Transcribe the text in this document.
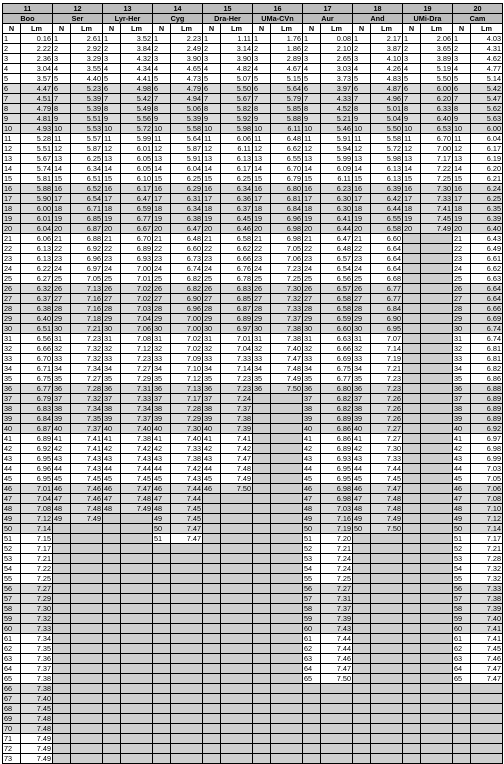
11		12		13		14		15		16		17		18		19		20	
Boo		Ser		Lyr-Her		Cyg		Dra-Her		UMa-CVn		Aur		And		UMi-Dra		Cam	
N	Lm	N	Lm	N	Lm	N	Lm	N	Lm	N	Lm	N	Lm	N	Lm	N	Lm	N	Lm
1	0.16	1	2.61	1	3.52	1	2.23	1	1.11	1	1.76	1	0.08	1	2.17	1	2.06	1	4.03
2	2.22	2	2.92	2	3.84	2	2.49	2	3.14	2	1.86	2	2.10	2	3.87	2	3.65	2	4.31
3	2.36	3	3.29	3	4.32	3	3.90	3	3.90	3	2.89	3	2.65	3	4.10	3	3.89	3	4.62
4	3.04	4	3.55	4	4.34	4	4.65	4	4.82	4	4.67	4	3.03	4	4.26	4	5.19	4	4.77
5	3.57	5	4.40	5	4.41	5	4.73	5	5.07	5	5.15	5	3.73	5	4.83	5	5.50	5	5.14
6	4.47	6	5.23	6	4.98	6	4.79	6	5.50	6	5.64	6	3.97	6	4.87	6	6.00	6	5.42
7	4.51	7	5.39	7	5.42	7	4.94	7	5.67	7	5.79	7	4.33	7	4.96	7	6.20	7	5.47
8	4.79	8	5.39	8	5.49	8	5.06	8	5.82	8	5.85	8	4.52	8	5.01	8	6.33	8	5.62
9	4.81	9	5.51	9	5.56	9	5.39	9	5.92	9	5.88	9	5.21	9	5.04	9	6.40	9	5.63
10	4.93	10	5.53	10	5.72	10	5.58	10	5.98	10	6.11	10	5.46	10	5.50	10	6.53	10	6.00
11	5.28	11	5.57	11	5.99	11	5.64	11	6.06	11	6.48	11	5.91	11	5.58	11	6.70	11	6.04
12	5.51	12	5.87	12	6.01	12	5.87	12	6.11	12	6.62	12	5.94	12	5.72	12	7.00	12	6.17
13	5.67	13	6.25	13	6.05	13	5.91	13	6.13	13	6.55	13	5.99	13	5.98	13	7.17	13	6.19
14	5.74	14	6.34	14	6.05	14	6.04	14	6.17	14	6.70	14	6.09	14	6.13	14	7.22	14	6.20
15	5.81	15	6.51	15	6.10	15	6.25	15	6.25	15	6.79	15	6.11	15	6.13	15	7.25	15	6.21
16	5.88	16	6.52	16	6.17	16	6.29	16	6.34	16	6.80	16	6.23	16	6.39	16	7.30	16	6.24
17	5.90	17	6.54	17	6.47	17	6.31	17	6.36	17	6.81	17	6.30	17	6.42	17	7.33	17	6.25
18	6.00	18	6.71	18	6.59	18	6.34	18	6.37	18	6.84	18	6.30	18	6.44	18	7.41	18	6.35
19	6.01	19	6.85	19	6.77	19	6.38	19	6.45	19	6.96	19	6.41	19	6.55	19	7.45	19	6.39
20	6.04	20	6.87	20	6.67	20	6.47	20	6.46	20	6.98	20	6.44	20	6.58	20	7.49	20	6.40
21	6.06	21	6.88	21	6.70	21	6.48	21	6.58	21	6.98	21	6.47	21	6.60			21	6.43
22	6.13	22	6.92	22	6.89	22	6.60	22	6.62	22	7.05	22	6.48	22	6.64			22	6.49
23	6.13	23	6.96	23	6.93	23	6.73	23	6.66	23	7.06	23	6.57	23	6.64			23	6.61
24	6.22	24	6.97	24	7.00	24	6.74	24	6.76	24	7.23	24	6.54	24	6.64			24	6.62
25	6.27	25	7.05	25	7.01	25	6.82	25	6.78	25	7.25	25	6.56	25	6.68			25	6.63
26	6.32	26	7.13	26	7.02	26	6.82	26	6.83	26	7.30	26	6.57	26	6.77			26	6.64
27	6.37	27	7.16	27	7.02	27	6.90	27	6.85	27	7.32	27	6.58	27	6.77			27	6.64
28	6.38	28	7.16	28	7.03	28	6.96	28	6.87	28	7.33	28	6.58	28	6.84			28	6.66
29	6.40	29	7.18	29	7.04	29	7.00	29	6.89	29	7.37	29	6.59	29	6.90			29	6.69
30	6.51	30	7.21	30	7.06	30	7.00	30	6.97	30	7.38	30	6.60	30	6.95			30	6.74
31	6.56	31	7.23	31	7.08	31	7.02	31	7.01	31	7.38	31	6.63	31	7.07			31	6.74
32	6.66	32	7.32	32	7.12	32	7.02	32	7.04	32	7.40	32	6.66	32	7.14			32	6.81
33	6.70	33	7.32	33	7.23	33	7.09	33	7.33	33	7.47	33	6.69	33	7.19			33	6.81
34	6.71	34	7.34	34	7.27	34	7.10	34	7.14	34	7.48	34	6.75	34	7.21			34	6.82
35	6.75	35	7.27	35	7.29	35	7.12	35	7.23	35	7.49	35	6.77	35	7.23			35	6.86
36	6.77	36	7.28	36	7.31	36	7.13	36	7.23	36	7.50	36	6.80	36	7.23			36	6.88
37	6.79	37	7.32	37	7.33	37	7.17	37	7.24			37	6.82	37	7.26			37	6.89
38	6.83	38	7.34	38	7.34	38	7.28	38	7.37			38	6.82	38	7.26			38	6.89
39	6.84	39	7.35	39	7.37	39	7.29	39	7.38			39	6.89	39	7.26			39	6.89
40	6.87	40	7.37	40	7.40	40	7.30	40	7.39			40	6.86	40	7.27			40	6.92
41	6.89	41	7.41	41	7.38	41	7.40	41	7.41			41	6.86	41	7.27			41	6.97
42	6.92	42	7.41	42	7.42	42	7.33	42	7.42			42	6.89	42	7.30			42	6.98
43	6.95	43	7.43	43	7.43	43	7.38	43	7.47			43	6.93	43	7.33			43	6.99
44	6.96	44	7.43	44	7.44	44	7.42	44	7.48			44	6.95	44	7.44			44	7.03
45	6.95	45	7.45	45	7.45	45	7.43	45	7.49			45	6.95	45	7.45			45	7.05
46	7.01	46	7.46	46	7.47	46	7.44	46	7.50			46	6.98	46	7.47			46	7.06
47	7.04	47	7.46	47	7.48	47	7.44					47	6.98	47	7.48			47	7.08
48	7.08	48	7.48	48	7.49	48	7.45					48	7.03	48	7.48			48	7.10
49	7.12	49	7.49			49	7.45					49	7.16	49	7.49			49	7.12
50	7.14					50	7.47					50	7.19	50	7.50			50	7.14
51	7.15					51	7.47					51	7.20					51	7.17
52	7.17											52	7.21					52	7.21
53	7.21											53	7.24					53	7.28
54	7.22											54	7.24					54	7.32
55	7.25											55	7.25					55	7.32
56	7.27											56	7.27					56	7.33
57	7.29											57	7.31					57	7.38
58	7.30											58	7.37					58	7.39
59	7.32											59	7.39					59	7.40
60	7.33											60	7.43					60	7.41
61	7.34											61	7.44					61	7.41
62	7.35											62	7.44					62	7.45
63	7.36											63	7.46					63	7.46
64	7.37											64	7.47					64	7.47
65	7.38											65	7.50					65	7.47
66	7.38																		
67	7.40																		
68	7.45																		
69	7.48																		
70	7.48																		
71	7.49																		
72	7.49																		
73	7.49																		
